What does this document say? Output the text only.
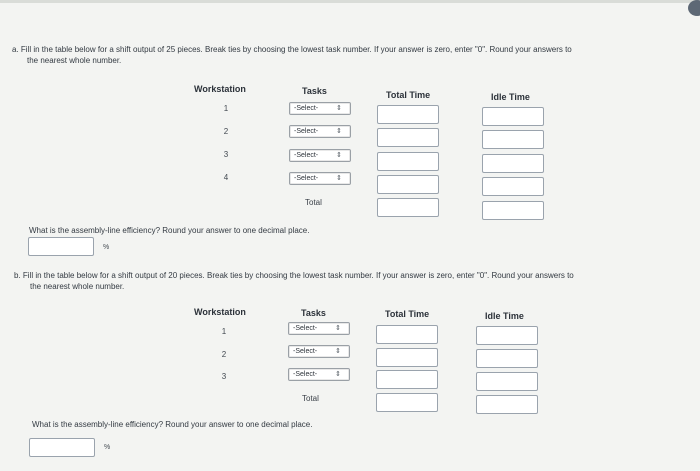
a. Fill in the table below for a shift output of 25 pieces. Break ties by choosing the lowest task number. If your answer is zero, enter "0". Round your answers to
the nearest whole number.
Workstation	Tasks	Total Time	Idle Time
1	-Select-	⇕
2	-Select-	⇕
3	-Select-	⇕
4	-Select-	⇕
Total
What is the assembly-line efficiency? Round your answer to one decimal place.
%
b. Fill in the table below for a shift output of 20 pieces. Break ties by choosing the lowest task number. If your answer is zero, enter "0". Round your answers to
the nearest whole number.
Workstation	Tasks	Total Time	Idle Time
1	-Select-	⇕
2	-Select-	⇕
3	-Select-	⇕
Total
What is the assembly-line efficiency? Round your answer to one decimal place.
%
